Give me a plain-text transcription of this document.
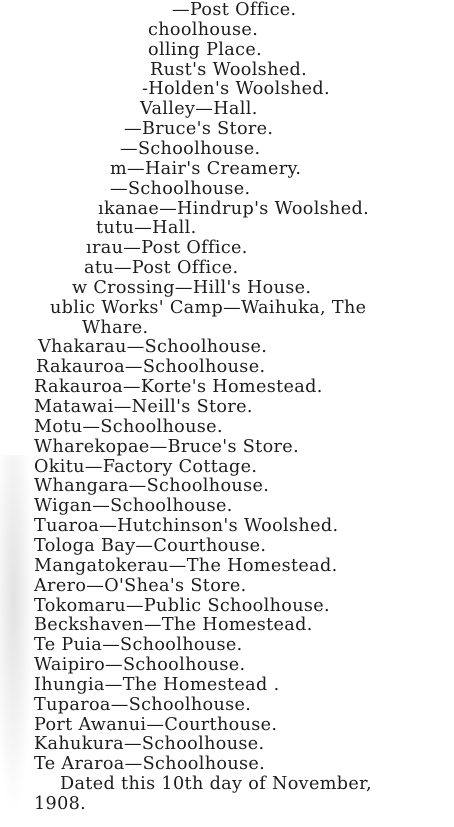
—Post Office.
choolhouse.
olling Place.
Rust's Woolshed.
-Holden's Woolshed.
Valley—Hall.
—Bruce's Store.
—Schoolhouse.
m—Hair's Creamery.
—Schoolhouse.
ıkanae—Hindrup's Woolshed.
tutu—Hall.
ırau—Post Office.
atu—Post Office.
w Crossing—Hill's House.
ublic Works' Camp—Waihuka, The
Whare.
Vhakarau—Schoolhouse.
Rakauroa—Schoolhouse.
Rakauroa—Korte's Homestead.
Matawai—Neill's Store.
Motu—Schoolhouse.
Wharekopae—Bruce's Store.
Okitu—Factory Cottage.
Whangara—Schoolhouse.
Wigan—Schoolhouse.
Tuaroa—Hutchinson's Woolshed.
Tologa Bay—Courthouse.
Mangatokerau—The Homestead.
Arero—O'Shea's Store.
Tokomaru—Public Schoolhouse.
Beckshaven—The Homestead.
Te Puia—Schoolhouse.
Waipiro—Schoolhouse.
Ihungia—The Homestead .
Tuparoa—Schoolhouse.
Port Awanui—Courthouse.
Kahukura—Schoolhouse.
Te Araroa—Schoolhouse.
Dated this 10th day of November,
1908.
